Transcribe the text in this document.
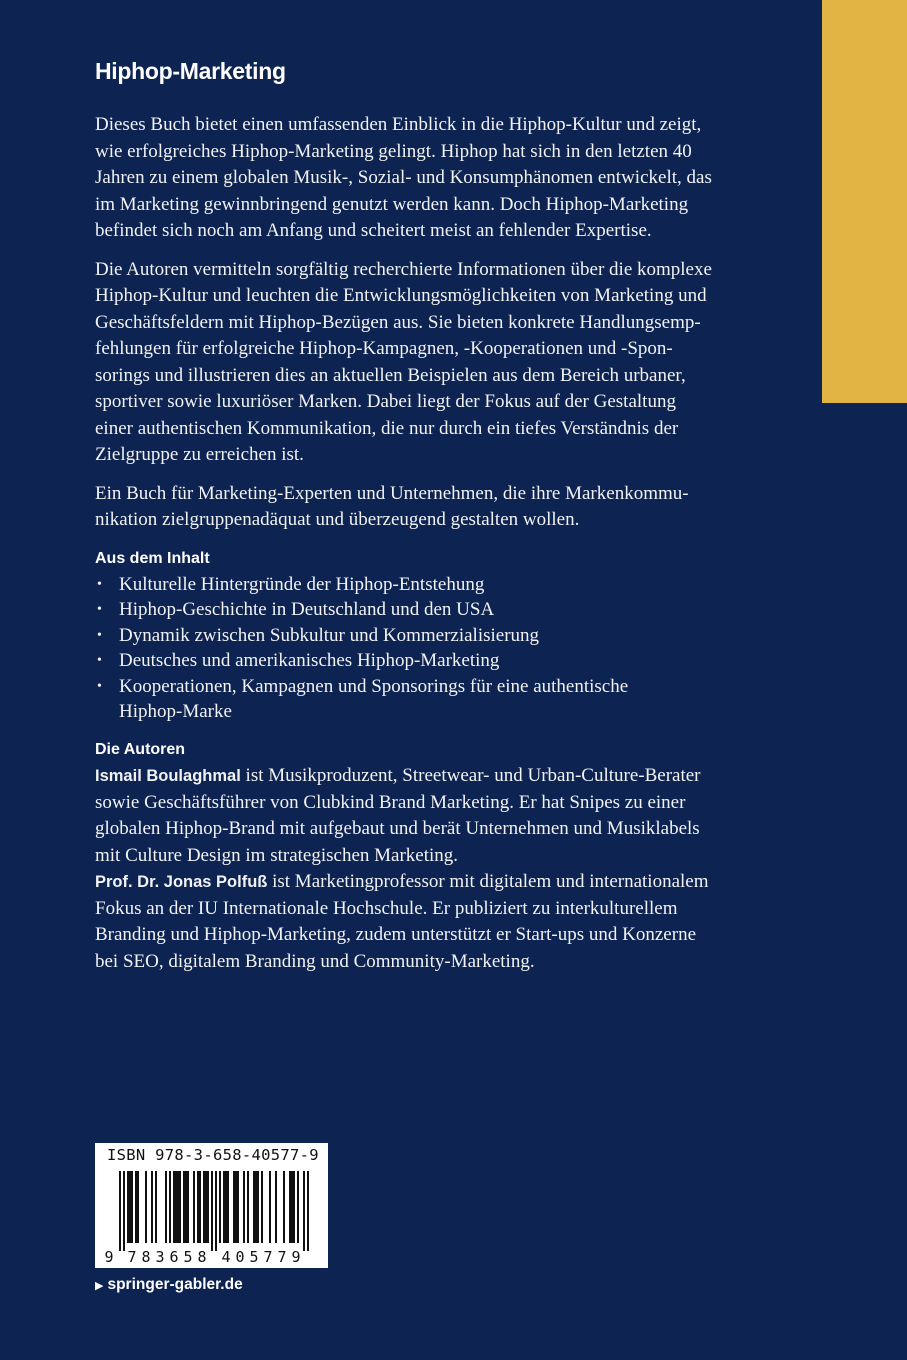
Hiphop-Marketing

Dieses Buch bietet einen umfassenden Einblick in die Hiphop-Kultur und zeigt,
wie erfolgreiches Hiphop-Marketing gelingt. Hiphop hat sich in den letzten 40
Jahren zu einem globalen Musik-, Sozial- und Konsumphänomen entwickelt, das
im Marketing gewinnbringend genutzt werden kann. Doch Hiphop-Marketing
befindet sich noch am Anfang und scheitert meist an fehlender Expertise.

Die Autoren vermitteln sorgfältig recherchierte Informationen über die komplexe
Hiphop-Kultur und leuchten die Entwicklungsmöglichkeiten von Marketing und
Geschäftsfeldern mit Hiphop-Bezügen aus. Sie bieten konkrete Handlungsemp-
fehlungen für erfolgreiche Hiphop-Kampagnen, -Kooperationen und -Spon-
sorings und illustrieren dies an aktuellen Beispielen aus dem Bereich urbaner,
sportiver sowie luxuriöser Marken. Dabei liegt der Fokus auf der Gestaltung
einer authentischen Kommunikation, die nur durch ein tiefes Verständnis der
Zielgruppe zu erreichen ist.

Ein Buch für Marketing-Experten und Unternehmen, die ihre Markenkommu-
nikation zielgruppenadäquat und überzeugend gestalten wollen.

Aus dem Inhalt
• Kulturelle Hintergründe der Hiphop-Entstehung
• Hiphop-Geschichte in Deutschland und den USA
• Dynamik zwischen Subkultur und Kommerzialisierung
• Deutsches und amerikanisches Hiphop-Marketing
• Kooperationen, Kampagnen und Sponsorings für eine authentische
Hiphop-Marke
Die Autoren

Ismail Boulaghmal ist Musikproduzent, Streetwear- und Urban-Culture-Berater
sowie Geschäftsführer von Clubkind Brand Marketing. Er hat Snipes zu einer
globalen Hiphop-Brand mit aufgebaut und berät Unternehmen und Musiklabels
mit Culture Design im strategischen Marketing.

Prof. Dr. Jonas Polfuß ist Marketingprofessor mit digitalem und internationalem
Fokus an der IU Internationale Hochschule. Er publiziert zu interkulturellem
Branding und Hiphop-Marketing, zudem unterstützt er Start-ups und Konzerne
bei SEO, digitalem Branding und Community-Marketing.

ISBN 978-3-658-40577-9
9 7 8 3 6 5 8 4 0 5 7 7 9
▶ springer-gabler.de
